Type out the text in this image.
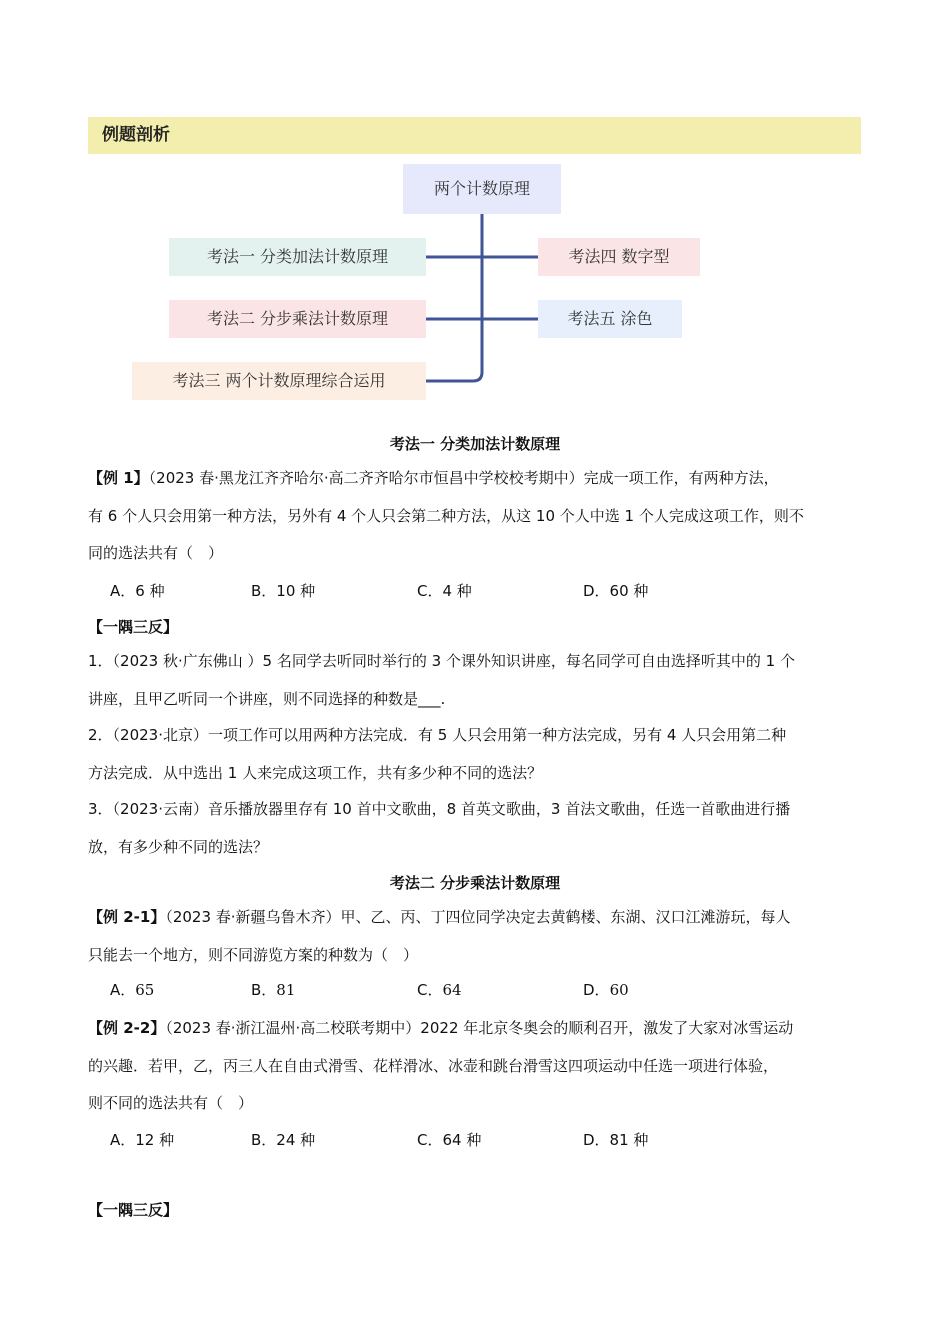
例题剖析
两个计数原理
考法一 分类加法计数原理
考法二 分步乘法计数原理
考法三 两个计数原理综合运用
考法四 数字型
考法五 涂色
考法一 分类加法计数原理
【例 1】（2023 春·黑龙江齐齐哈尔·高二齐齐哈尔市恒昌中学校校考期中）完成一项工作，有两种方法，
有 6 个人只会用第一种方法，另外有 4 个人只会第二种方法，从这 10 个人中选 1 个人完成这项工作，则不
同的选法共有（　）
A．6 种	B．10 种	C．4 种	D．60 种
【一隅三反】
1．（2023 秋·广东佛山 ）5 名同学去听同时举行的 3 个课外知识讲座，每名同学可自由选择听其中的 1 个
讲座，且甲乙听同一个讲座，则不同选择的种数是___.
2．（2023·北京）一项工作可以用两种方法完成．有 5 人只会用第一种方法完成，另有 4 人只会用第二种
方法完成．从中选出 1 人来完成这项工作，共有多少种不同的选法？
3．（2023·云南）音乐播放器里存有 10 首中文歌曲，8 首英文歌曲，3 首法文歌曲，任选一首歌曲进行播
放，有多少种不同的选法？
考法二 分步乘法计数原理
【例 2-1】（2023 春·新疆乌鲁木齐）甲、乙、丙、丁四位同学决定去黄鹤楼、东湖、汉口江滩游玩，每人
只能去一个地方，则不同游览方案的种数为（　）
A．65	B．81	C．64	D．60
【例 2-2】（2023 春·浙江温州·高二校联考期中）2022 年北京冬奥会的顺利召开，激发了大家对冰雪运动
的兴趣．若甲，乙，丙三人在自由式滑雪、花样滑冰、冰壶和跳台滑雪这四项运动中任选一项进行体验，
则不同的选法共有（　）
A．12 种	B．24 种	C．64 种	D．81 种
【一隅三反】
